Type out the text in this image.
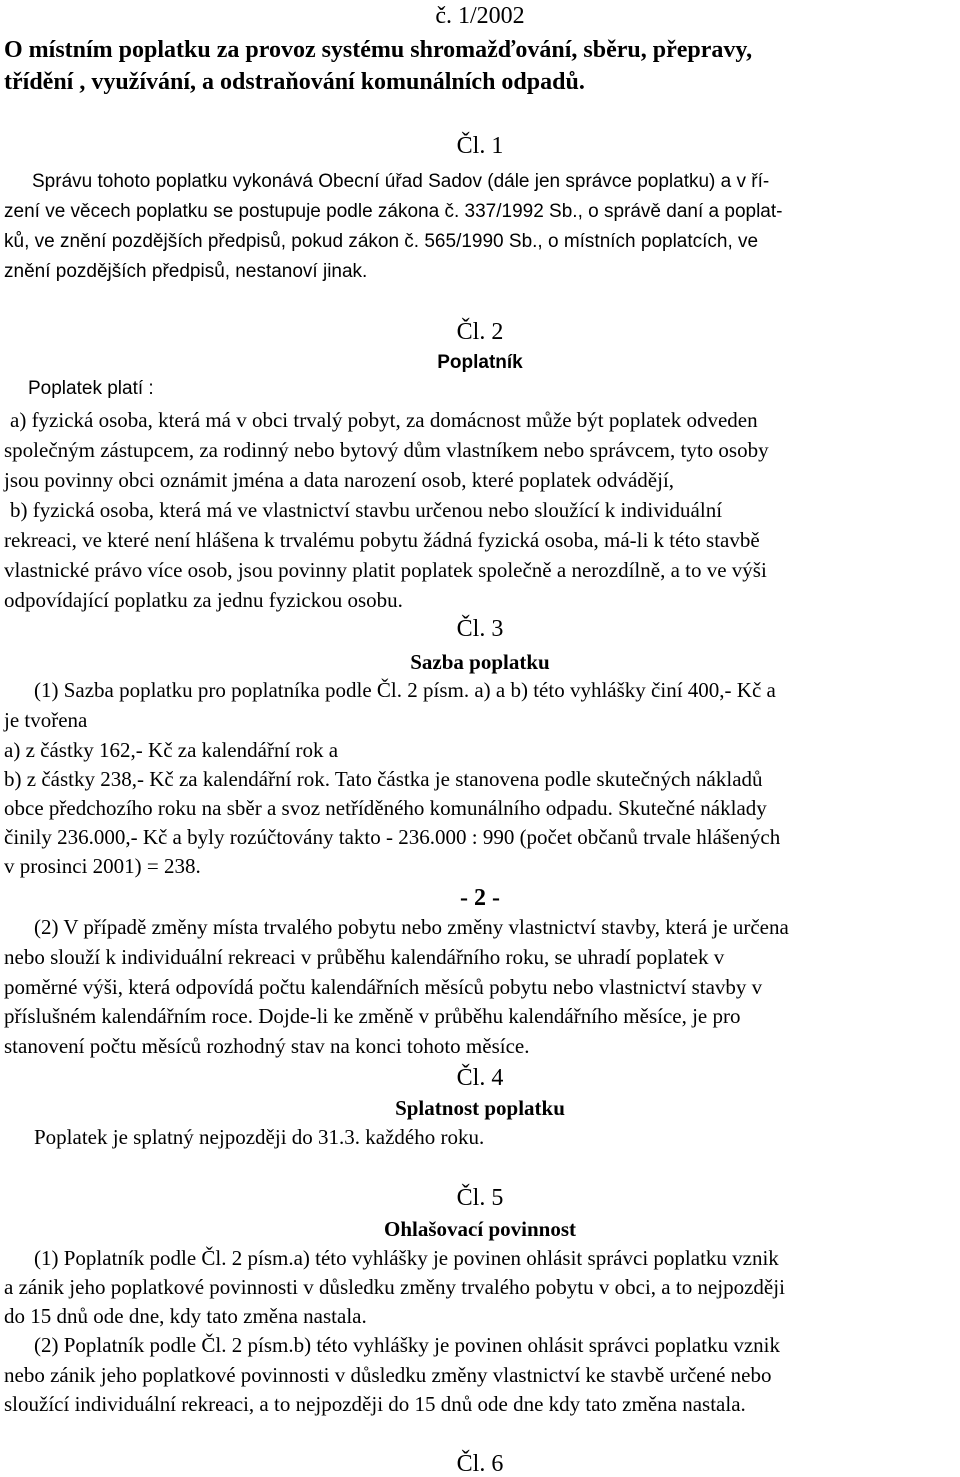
č. 1/2002
O místním poplatku za provoz systému shromažďování, sběru, přepravy,
třídění , využívání, a odstraňování komunálních odpadů.
Čl. 1
Správu tohoto poplatku vykonává Obecní úřad Sadov (dále jen správce poplatku) a v ří-
zení ve věcech poplatku se postupuje podle zákona č. 337/1992 Sb., o správě daní a poplat-
ků, ve znění pozdějších předpisů, pokud zákon č. 565/1990 Sb., o místních poplatcích, ve
znění pozdějších předpisů, nestanoví jinak.
Čl. 2
Poplatník
Poplatek platí :
a) fyzická osoba, která má v obci trvalý pobyt, za domácnost může být poplatek odveden
společným zástupcem, za rodinný nebo bytový dům vlastníkem nebo správcem, tyto osoby
jsou povinny obci oznámit jména a data narození osob, které poplatek odvádějí,
b) fyzická osoba, která má ve vlastnictví stavbu určenou nebo sloužící k individuální
rekreaci, ve které není hlášena k trvalému pobytu žádná fyzická osoba, má-li k této stavbě
vlastnické právo více osob, jsou povinny platit poplatek společně a nerozdílně, a to ve výši
odpovídající poplatku za jednu fyzickou osobu.
Čl. 3
Sazba poplatku
(1) Sazba poplatku pro poplatníka podle Čl. 2 písm. a) a b) této vyhlášky činí 400,- Kč a
je tvořena
a) z částky 162,- Kč za kalendářní rok a
b) z částky 238,- Kč za kalendářní rok. Tato částka je stanovena podle skutečných nákladů
obce předchozího roku na sběr a svoz netříděného komunálního odpadu. Skutečné náklady
činily 236.000,- Kč a byly rozúčtovány takto - 236.000 : 990 (počet občanů trvale hlášených
v prosinci 2001) = 238.
- 2 -
(2) V případě změny místa trvalého pobytu nebo změny vlastnictví stavby, která je určena
nebo slouží k individuální rekreaci v průběhu kalendářního roku, se uhradí poplatek v
poměrné výši, která odpovídá počtu kalendářních měsíců pobytu nebo vlastnictví stavby v
příslušném kalendářním roce. Dojde-li ke změně v průběhu kalendářního měsíce, je pro
stanovení počtu měsíců rozhodný stav na konci tohoto měsíce.
Čl. 4
Splatnost poplatku
Poplatek je splatný nejpozději do 31.3. každého roku.
Čl. 5
Ohlašovací povinnost
(1) Poplatník podle Čl. 2 písm.a) této vyhlášky je povinen ohlásit správci poplatku vznik
a zánik jeho poplatkové povinnosti v důsledku změny trvalého pobytu v obci, a to nejpozději
do 15 dnů ode dne, kdy tato změna nastala.
(2) Poplatník podle Čl. 2 písm.b) této vyhlášky je povinen ohlásit správci poplatku vznik
nebo zánik jeho poplatkové povinnosti v důsledku změny vlastnictví ke stavbě určené nebo
sloužící individuální rekreaci, a to nejpozději do 15 dnů ode dne kdy tato změna nastala.
Čl. 6
